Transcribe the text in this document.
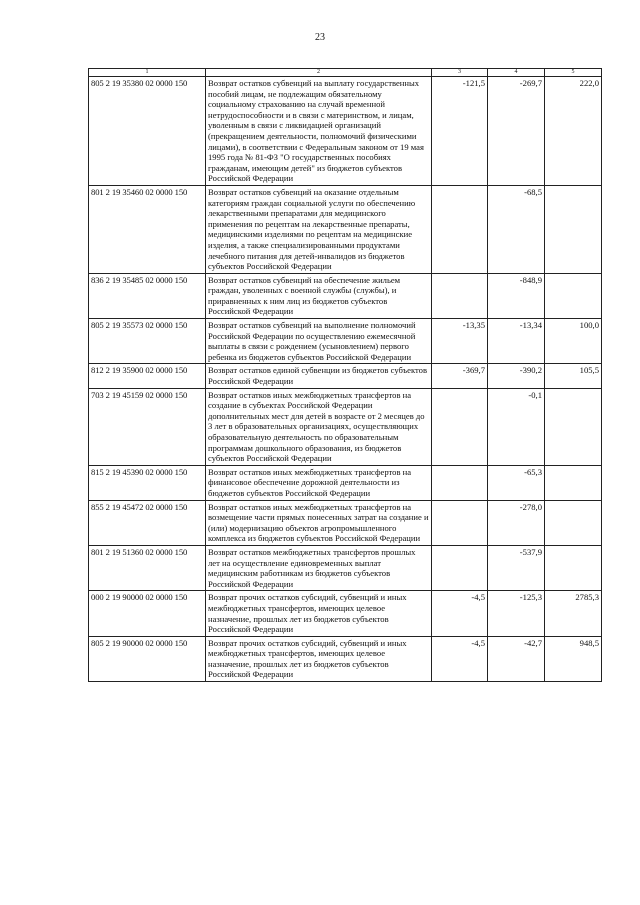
23
1	2	3	4	5
805 2 19 35380 02 0000 150	Возврат остатков субвенций на выплату государственных пособий лицам, не подлежащим обязательному социальному страхованию на случай временной нетрудоспособности и в связи с материнством, и лицам, уволенным в связи с ликвидацией организаций (прекращением деятельности, полномочий физическими лицами), в соответствии с Федеральным законом от 19 мая 1995 года № 81-ФЗ "О государственных пособиях гражданам, имеющим детей" из бюджетов субъектов Российской Федерации	-121,5	-269,7	222,0
801 2 19 35460 02 0000 150	Возврат остатков субвенций на оказание отдельным категориям граждан социальной услуги по обеспечению лекарственными препаратами для медицинского применения по рецептам на лекарственные препараты, медицинскими изделиями по рецептам на медицинские изделия, а также специализированными продуктами лечебного питания для детей-инвалидов из бюджетов субъектов Российской Федерации		-68,5	
836 2 19 35485 02 0000 150	Возврат остатков субвенций на обеспечение жильем граждан, уволенных с военной службы (службы), и приравненных к ним лиц из бюджетов субъектов Российской Федерации		-848,9	
805 2 19 35573 02 0000 150	Возврат остатков субвенций на выполнение полномочий Российской Федерации по осуществлению ежемесячной выплаты в связи с рождением (усыновлением) первого ребенка из бюджетов субъектов Российской Федерации	-13,35	-13,34	100,0
812 2 19 35900 02 0000 150	Возврат остатков единой субвенции из бюджетов субъектов Российской Федерации	-369,7	-390,2	105,5
703 2 19 45159 02 0000 150	Возврат остатков иных межбюджетных трансфертов на создание в субъектах Российской Федерации дополнительных мест для детей в возрасте от 2 месяцев до 3 лет в образовательных организациях, осуществляющих образовательную деятельность по образовательным программам дошкольного образования, из бюджетов субъектов Российской Федерации		-0,1	
815 2 19 45390 02 0000 150	Возврат остатков иных межбюджетных трансфертов на финансовое обеспечение дорожной деятельности из бюджетов субъектов Российской Федерации		-65,3	
855 2 19 45472 02 0000 150	Возврат остатков иных межбюджетных трансфертов на возмещение части прямых понесенных затрат на создание и (или) модернизацию объектов агропромышленного комплекса из бюджетов субъектов Российской Федерации		-278,0	
801 2 19 51360 02 0000 150	Возврат остатков межбюджетных трансфертов прошлых лет на осуществление единовременных выплат медицинским работникам из бюджетов субъектов Российской Федерации		-537,9	
000 2 19 90000 02 0000 150	Возврат прочих остатков субсидий, субвенций и иных межбюджетных трансфертов, имеющих целевое назначение, прошлых лет из бюджетов субъектов Российской Федерации	-4,5	-125,3	2785,3
805 2 19 90000 02 0000 150	Возврат прочих остатков субсидий, субвенций и иных межбюджетных трансфертов, имеющих целевое назначение, прошлых лет из бюджетов субъектов Российской Федерации	-4,5	-42,7	948,5
